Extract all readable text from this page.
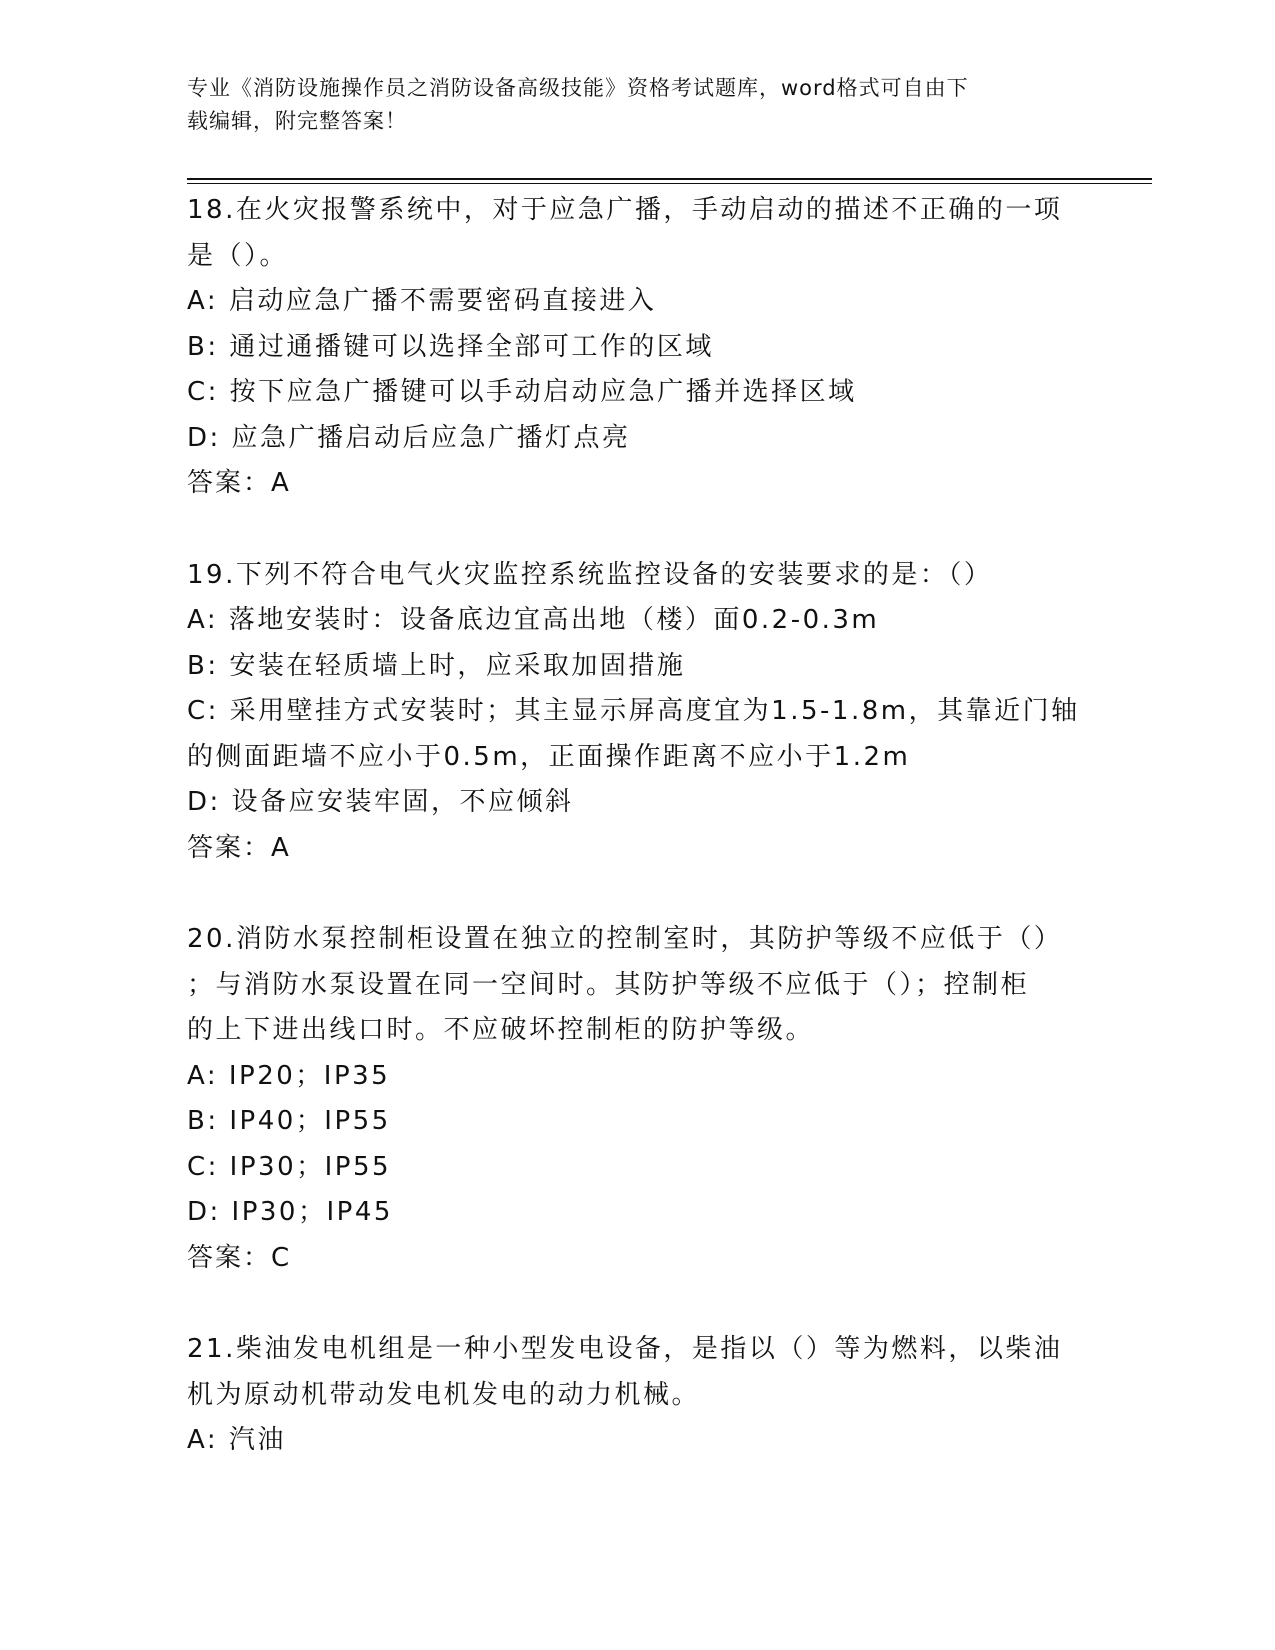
专业《消防设施操作员之消防设备高级技能》资格考试题库，word格式可自由下
载编辑，附完整答案！

18.在火灾报警系统中，对于应急广播，手动启动的描述不正确的一项

是（）。

A: 启动应急广播不需要密码直接进入

B: 通过通播键可以选择全部可工作的区域

C: 按下应急广播键可以手动启动应急广播并选择区域

D: 应急广播启动后应急广播灯点亮

答案：A

19.下列不符合电气火灾监控系统监控设备的安装要求的是：（）

A: 落地安装时：设备底边宜高出地（楼）面0.2-0.3m

B: 安装在轻质墙上时，应采取加固措施

C: 采用壁挂方式安装时；其主显示屏高度宜为1.5-1.8m，其靠近门轴

的侧面距墙不应小于0.5m，正面操作距离不应小于1.2m

D: 设备应安装牢固，不应倾斜

答案：A

20.消防水泵控制柜设置在独立的控制室时，其防护等级不应低于（）

；与消防水泵设置在同一空间时。其防护等级不应低于（）；控制柜

的上下进出线口时。不应破坏控制柜的防护等级。

A: IP20；IP35

B: IP40；IP55

C: IP30；IP55

D: IP30；IP45

答案：C

21.柴油发电机组是一种小型发电设备，是指以（）等为燃料，以柴油

机为原动机带动发电机发电的动力机械。

A: 汽油
